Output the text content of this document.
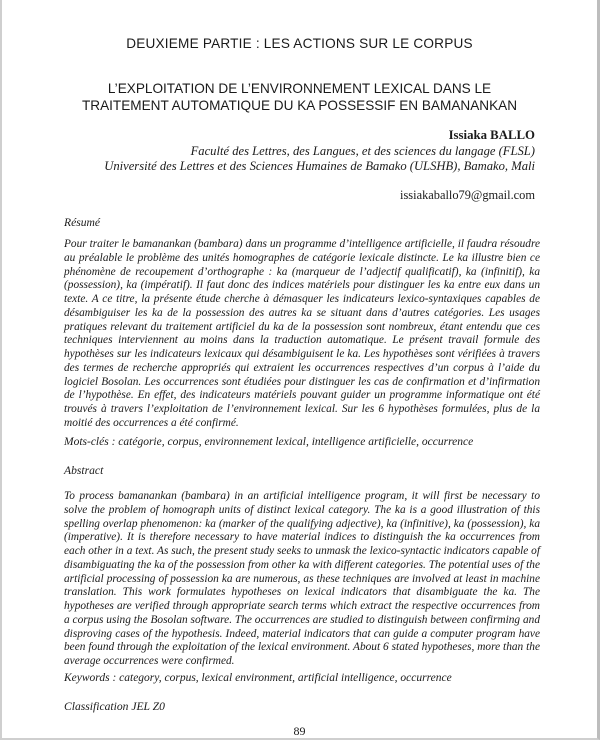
DEUXIEME PARTIE : LES ACTIONS SUR LE CORPUS
L’EXPLOITATION DE L’ENVIRONNEMENT LEXICAL DANS LE
TRAITEMENT AUTOMATIQUE DU KA POSSESSIF EN BAMANANKAN
Issiaka BALLO
Faculté des Lettres, des Langues, et des sciences du langage (FLSL)
Université des Lettres et des Sciences Humaines de Bamako (ULSHB), Bamako, Mali
issiakaballo79@gmail.com
Résumé

Pour traiter le bamanankan (bambara) dans un programme d’intelligence artificielle, il faudra résoudre au préalable le problème des unités homographes de catégorie lexicale distincte. Le ka illustre bien ce phénomène de recoupement d’orthographe : ka (marqueur de l’adjectif qualificatif), ka (infinitif), ka (possession), ka (impératif). Il faut donc des indices matériels pour distinguer les ka entre eux dans un texte. A ce titre, la présente étude cherche à démasquer les indicateurs lexico-syntaxiques capables de désambiguiser les ka de la possession des autres ka se situant dans d’autres catégories. Les usages pratiques relevant du traitement artificiel du ka de la possession sont nombreux, étant entendu que ces techniques interviennent au moins dans la traduction automatique. Le présent travail formule des hypothèses sur les indicateurs lexicaux qui désambiguisent le ka. Les hypothèses sont vérifiées à travers des termes de recherche appropriés qui extraient les occurrences respectives d’un corpus à l’aide du logiciel Bosolan. Les occurrences sont étudiées pour distinguer les cas de confirmation et d’infirmation de l’hypothèse. En effet, des indicateurs matériels pouvant guider un programme informatique ont été trouvés à travers l’exploitation de l’environnement lexical. Sur les 6 hypothèses formulées, plus de la moitié des occurrences a été confirmé.

Mots-clés : catégorie, corpus, environnement lexical, intelligence artificielle, occurrence
Abstract

To process bamanankan (bambara) in an artificial intelligence program, it will first be necessary to solve the problem of homograph units of distinct lexical category. The ka is a good illustration of this spelling overlap phenomenon: ka (marker of the qualifying adjective), ka (infinitive), ka (possession), ka (imperative). It is therefore necessary to have material indices to distinguish the ka occurrences from each other in a text. As such, the present study seeks to unmask the lexico-syntactic indicators capable of disambiguating the ka of the possession from other ka with different categories. The potential uses of the artificial processing of possession ka are numerous, as these techniques are involved at least in machine translation. This work formulates hypotheses on lexical indicators that disambiguate the ka. The hypotheses are verified through appropriate search terms which extract the respective occurrences from a corpus using the Bosolan software. The occurrences are studied to distinguish between confirming and disproving cases of the hypothesis. Indeed, material indicators that can guide a computer program have been found through the exploitation of the lexical environment. About 6 stated hypotheses, more than the average occurrences were confirmed.

Keywords : category, corpus, lexical environment, artificial intelligence, occurrence
Classification JEL Z0
89
